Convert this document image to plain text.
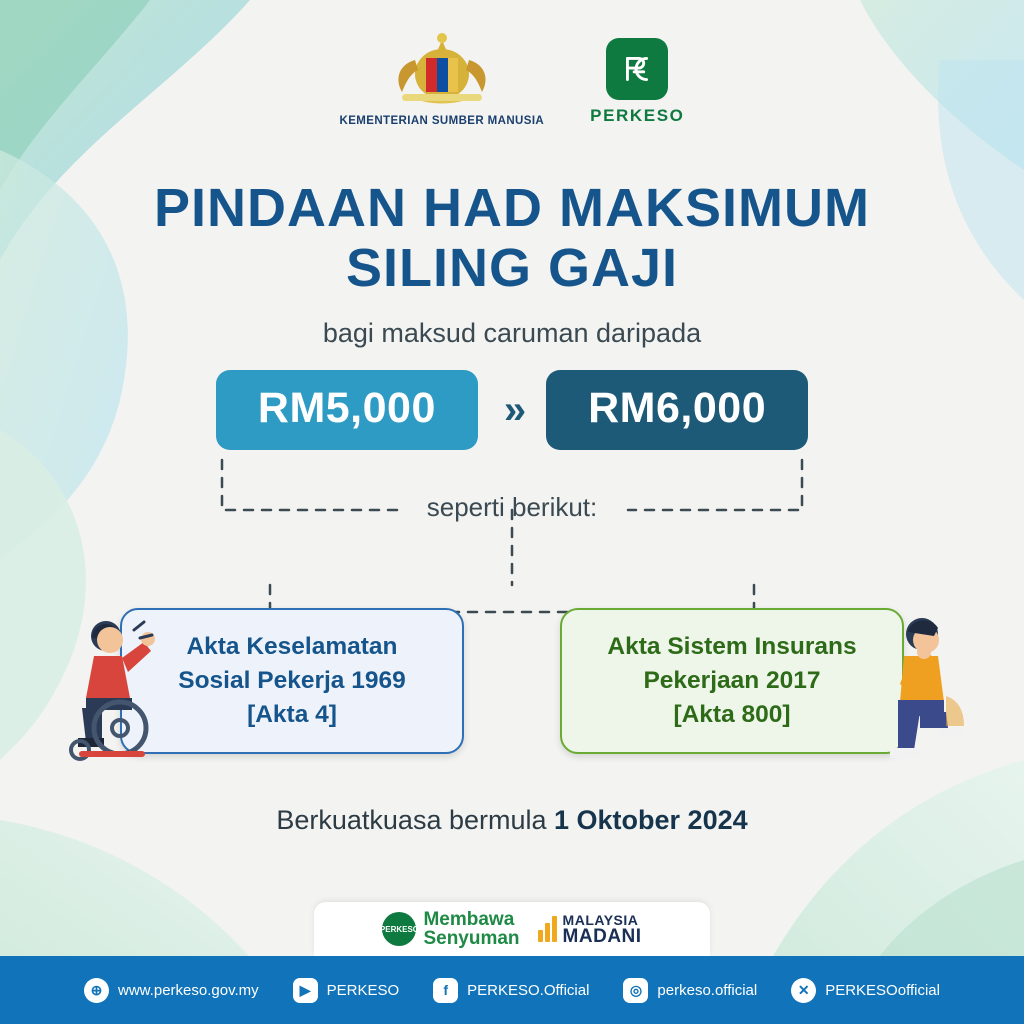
KEMENTERIAN SUMBER MANUSIA	PERKESO
PINDAAN HAD MAKSIMUM
SILING GAJI
bagi maksud caruman daripada
RM5,000	»	RM6,000
seperti berikut:
Akta Keselamatan
Sosial Pekerja 1969
[Akta 4]
Akta Sistem Insurans
Pekerjaan 2017
[Akta 800]
Berkuatkuasa bermula 1 Oktober 2024
PERKESO Membawa
Senyuman
MALAYSIA
MADANI
⊕	www.perkeso.gov.my	▶	PERKESO	f	PERKESO.Official	◎	perkeso.official	✕	PERKESOofficial
